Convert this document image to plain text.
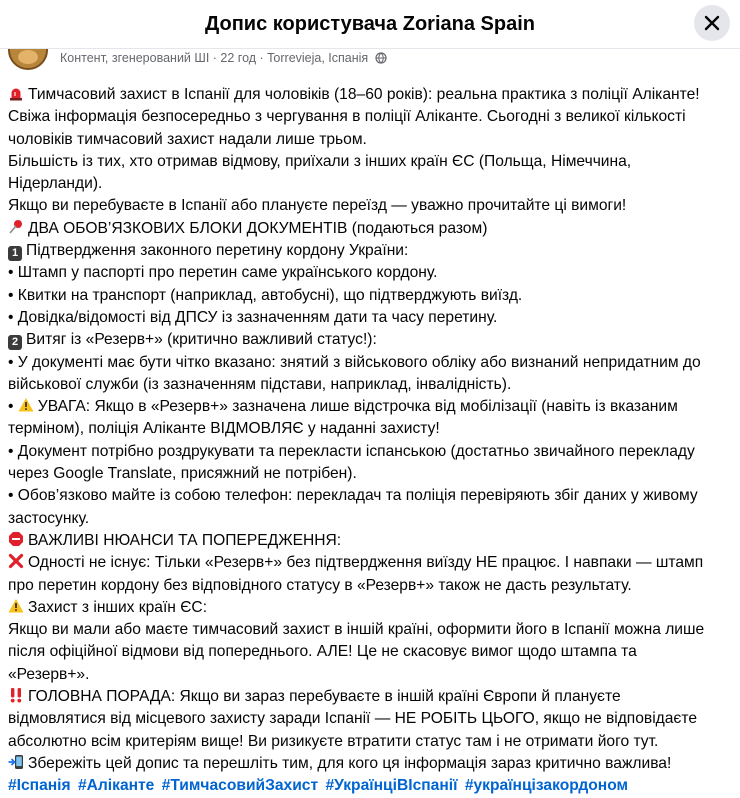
Допис користувача Zoriana Spain
Контент, згенерований ШІ · 22 год · Torrevieja, Іспанія

Тимчасовий захист в Іспанії для чоловіків (18–60 років): реальна практика з поліції Аліканте!

Свіжа інформація безпосередньо з чергування в поліції Аліканте. Сьогодні з великої кількості

чоловіків тимчасовий захист надали лише трьом.

Більшість із тих, хто отримав відмову, приїхали з інших країн ЄС (Польща, Німеччина,

Нідерланди).

Якщо ви перебуваєте в Іспанії або плануєте переїзд — уважно прочитайте ці вимоги!

ДВА ОБОВ’ЯЗКОВИХ БЛОКИ ДОКУМЕНТІВ (подаються разом)

1 Підтвердження законного перетину кордону України:

• Штамп у паспорті про перетин саме українського кордону.

• Квитки на транспорт (наприклад, автобусні), що підтверджують виїзд.

• Довідка/відомості від ДПСУ із зазначенням дати та часу перетину.

2 Витяг із «Резерв+» (критично важливий статус!):

• У документі має бути чітко вказано: знятий з військового обліку або визнаний непридатним до

військової служби (із зазначенням підстави, наприклад, інвалідність).

• УВАГА: Якщо в «Резерв+» зазначена лише відстрочка від мобілізації (навіть із вказаним

терміном), поліція Аліканте ВІДМОВЛЯЄ у наданні захисту!

• Документ потрібно роздрукувати та перекласти іспанською (достатньо звичайного перекладу

через Google Translate, присяжний не потрібен).

• Обов’язково майте із собою телефон: перекладач та поліція перевіряють збіг даних у живому

застосунку.

ВАЖЛИВІ НЮАНСИ ТА ПОПЕРЕДЖЕННЯ:

Одності не існує: Тільки «Резерв+» без підтвердження виїзду НЕ працює. І навпаки — штамп

про перетин кордону без відповідного статусу в «Резерв+» також не дасть результату.

Захист з інших країн ЄС:

Якщо ви мали або маєте тимчасовий захист в іншій країні, оформити його в Іспанії можна лише

після офіційної відмови від попереднього. АЛЕ! Це не скасовує вимог щодо штампа та

«Резерв+».

ГОЛОВНА ПОРАДА: Якщо ви зараз перебуваєте в іншій країні Європи й плануєте

відмовлятися від місцевого захисту заради Іспанії — НЕ РОБІТЬ ЦЬОГО, якщо не відповідаєте

абсолютно всім критеріям вище! Ви ризикуєте втратити статус там і не отримати його тут.

Збережіть цей допис та перешліть тим, для кого ця інформація зараз критично важлива!

#Іспанія #Аліканте #ТимчасовийЗахист #УкраїнціВІспанії #українцізакордоном
